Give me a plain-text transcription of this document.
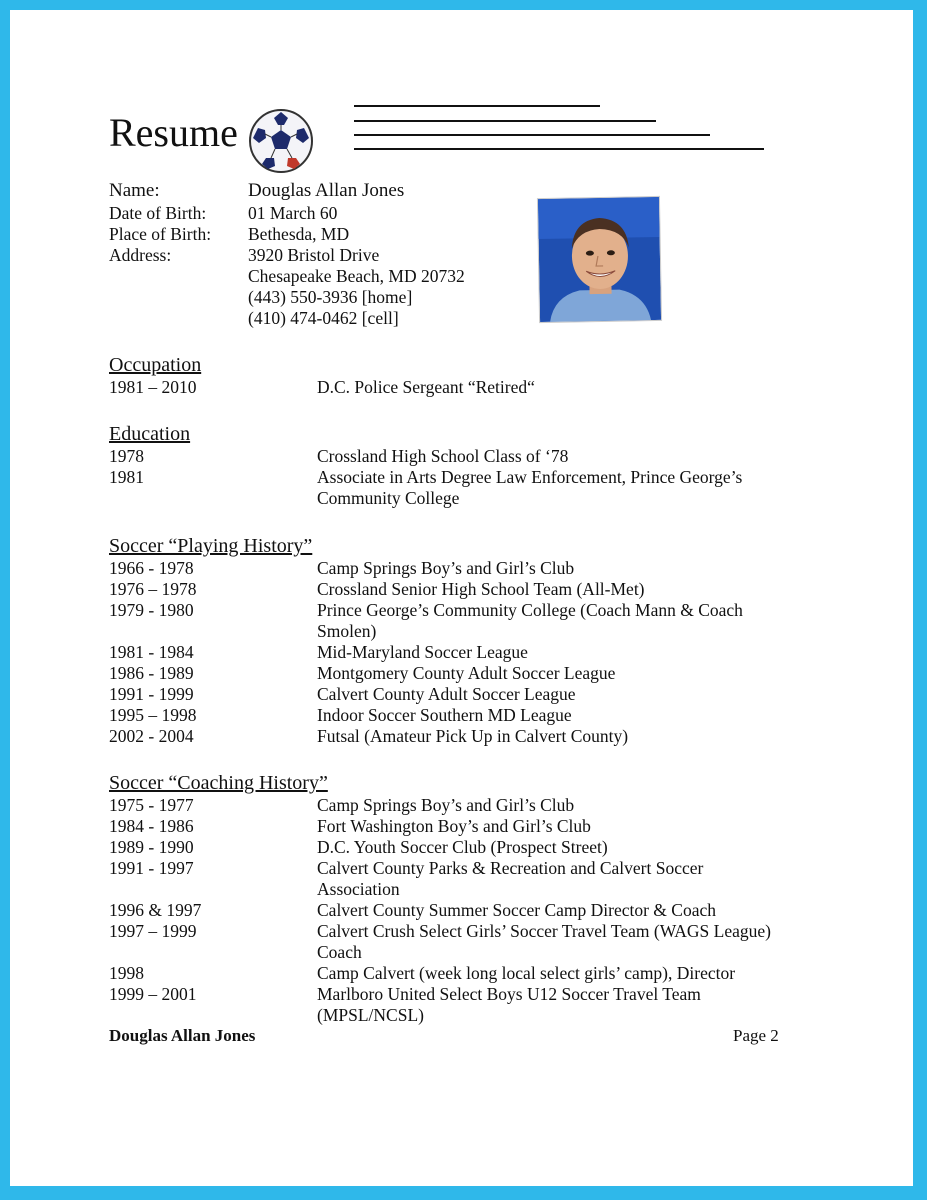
Resume
Name:	Douglas Allan Jones
Date of Birth: 01 March 60
Place of Birth: Bethesda, MD
Address:	3920 Bristol Drive
Chesapeake Beach, MD 20732
(443) 550-3936 [home]
(410) 474-0462 [cell]
Occupation
1981 – 2010	D.C. Police Sergeant “Retired“
Education
1978	Crossland High School Class of ‘78
1981	Associate in Arts Degree Law Enforcement, Prince George’s Community College
Soccer “Playing History”
1966 - 1978	Camp Springs Boy’s and Girl’s Club
1976 – 1978	Crossland Senior High School Team (All-Met)
1979 - 1980	Prince George’s Community College (Coach Mann & Coach Smolen)
1981 - 1984	Mid-Maryland Soccer League
1986 - 1989	Montgomery County Adult Soccer League
1991 - 1999	Calvert County Adult Soccer League
1995 – 1998	Indoor Soccer Southern MD League
2002 - 2004	Futsal (Amateur Pick Up in Calvert County)
Soccer “Coaching History”
1975 - 1977	Camp Springs Boy’s and Girl’s Club
1984 - 1986	Fort Washington Boy’s and Girl’s Club
1989 - 1990	D.C. Youth Soccer Club (Prospect Street)
1991 - 1997	Calvert County Parks & Recreation and Calvert Soccer Association
1996 & 1997	Calvert County Summer Soccer Camp Director & Coach
1997 – 1999	Calvert Crush Select Girls’ Soccer Travel Team (WAGS League) Coach
1998	Camp Calvert (week long local select girls’ camp), Director
1999 – 2001	Marlboro United Select Boys U12 Soccer Travel Team (MPSL/NCSL)
Douglas Allan Jones	Page 2
